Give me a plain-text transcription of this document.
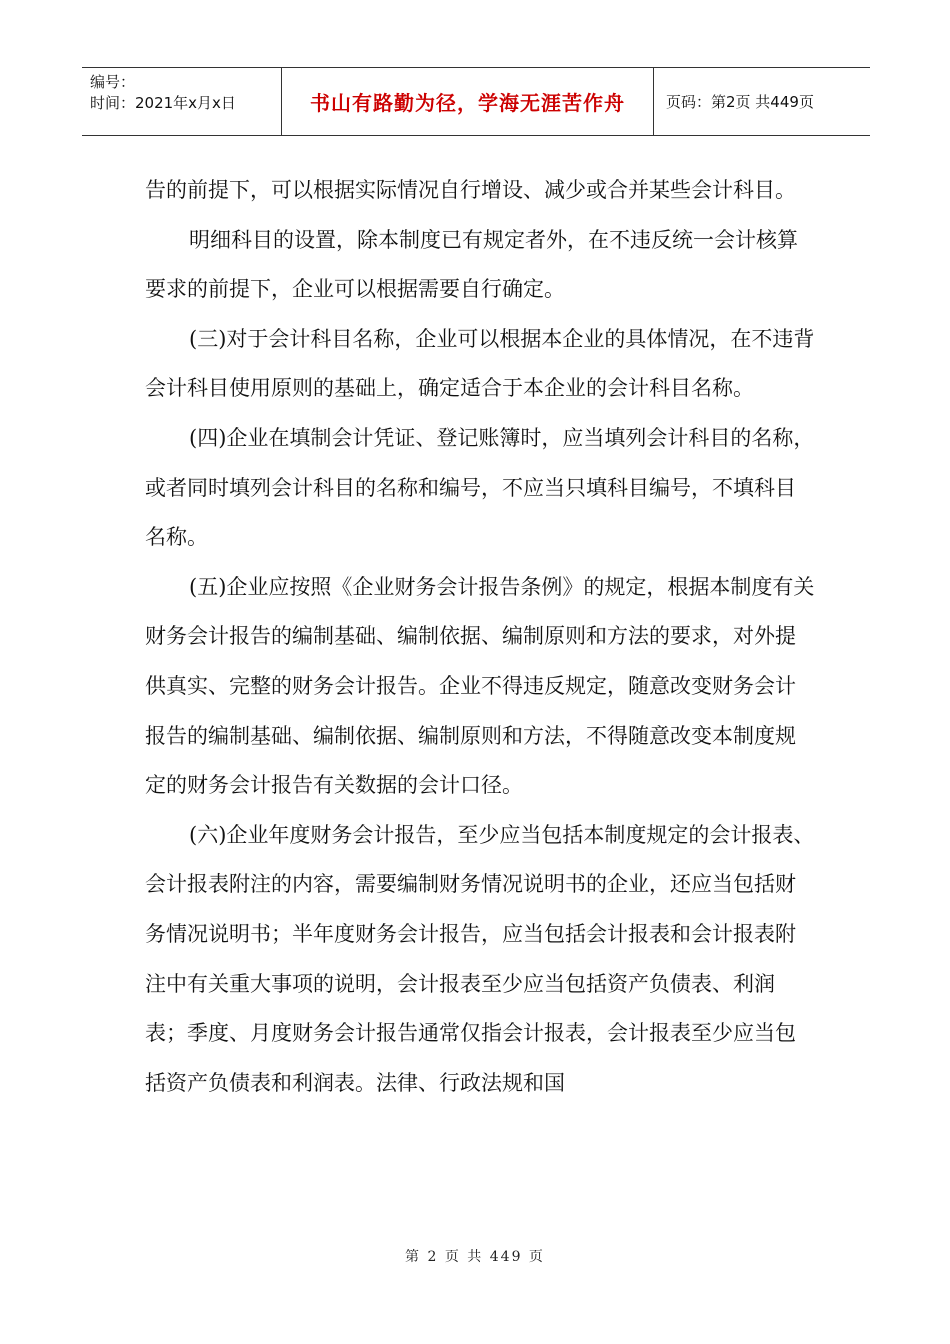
编号：
时间：2021年x月x日	书山有路勤为径，学海无涯苦作舟	页码：第2页 共449页

告的前提下，可以根据实际情况自行增设、减少或合并某些会计科目。

明细科目的设置，除本制度已有规定者外，在不违反统一会计核算要求的前提下，企业可以根据需要自行确定。

(三)对于会计科目名称，企业可以根据本企业的具体情况，在不违背会计科目使用原则的基础上，确定适合于本企业的会计科目名称。

(四)企业在填制会计凭证、登记账簿时，应当填列会计科目的名称，或者同时填列会计科目的名称和编号，不应当只填科目编号，不填科目名称。

(五)企业应按照《企业财务会计报告条例》的规定，根据本制度有关财务会计报告的编制基础、编制依据、编制原则和方法的要求，对外提供真实、完整的财务会计报告。企业不得违反规定，随意改变财务会计报告的编制基础、编制依据、编制原则和方法，不得随意改变本制度规定的财务会计报告有关数据的会计口径。

(六)企业年度财务会计报告，至少应当包括本制度规定的会计报表、会计报表附注的内容，需要编制财务情况说明书的企业，还应当包括财务情况说明书；半年度财务会计报告，应当包括会计报表和会计报表附注中有关重大事项的说明，会计报表至少应当包括资产负债表、利润表；季度、月度财务会计报告通常仅指会计报表，会计报表至少应当包括资产负债表和利润表。法律、行政法规和国

第 2 页 共 449 页
